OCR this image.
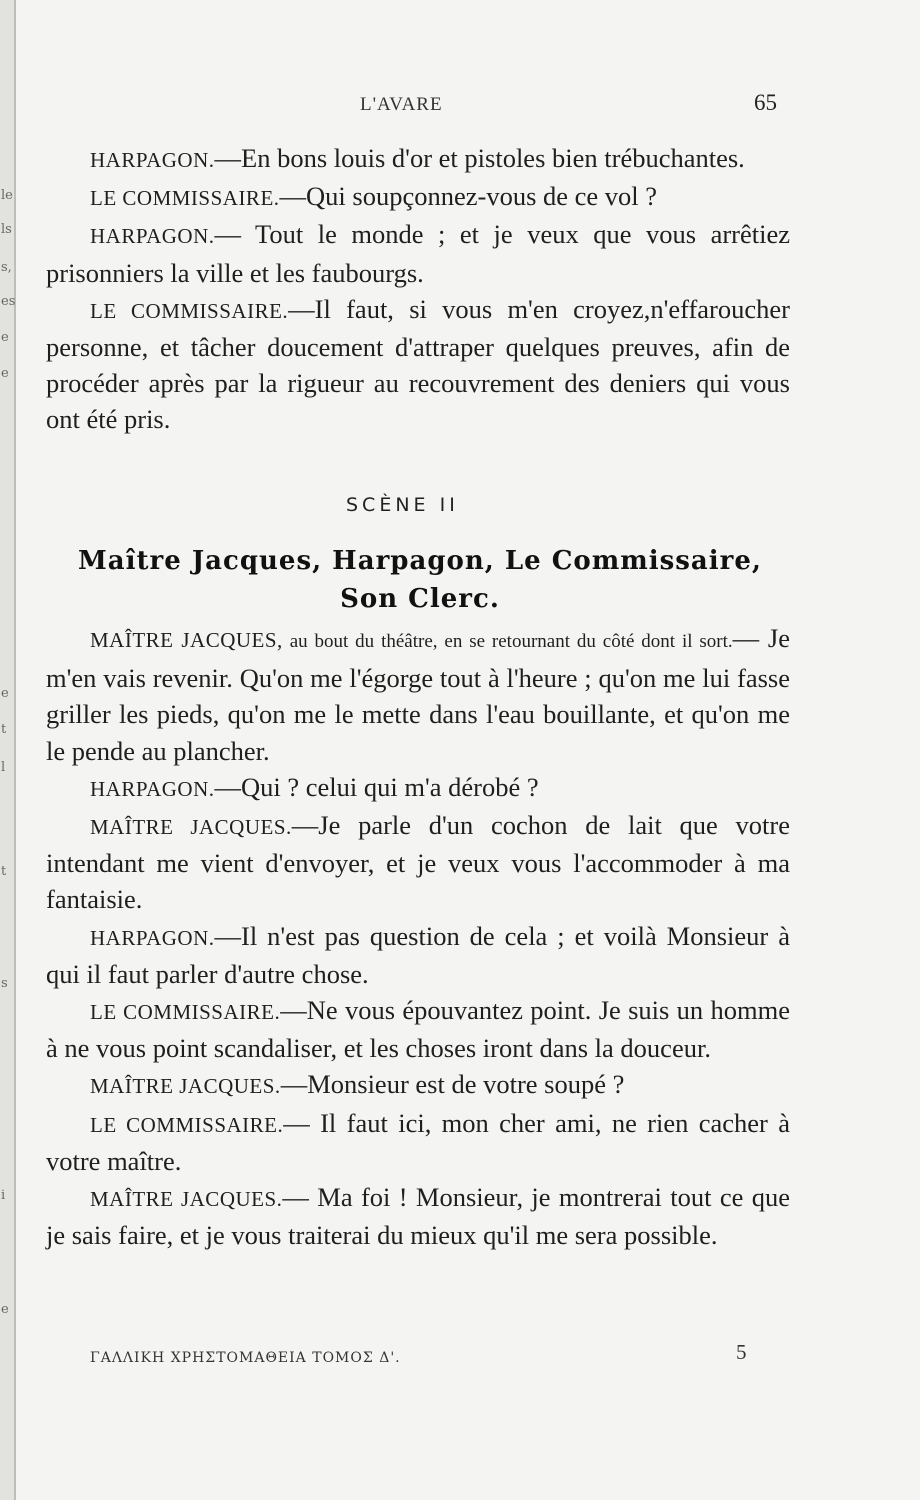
le
ls
s,
es
e
e
e
t
l
t
s
i
e
L'AVARE	65

HARPAGON.—En bons louis d'or et pistoles bien trébuchantes.

LE COMMISSAIRE.—Qui soupçonnez-vous de ce vol ?

HARPAGON.— Tout le monde ; et je veux que vous arrêtiez prisonniers la ville et les faubourgs.

LE COMMISSAIRE.—Il faut, si vous m'en croyez,n'effaroucher personne, et tâcher doucement d'attraper quelques preuves, afin de procéder après par la rigueur au recouvrement des deniers qui vous ont été pris.

SCÈNE II
Maître Jacques, Harpagon, Le Commissaire, Son Clerc.

MAÎTRE JACQUES, au bout du théâtre, en se retournant du côté dont il sort.— Je m'en vais revenir. Qu'on me l'égorge tout à l'heure ; qu'on me lui fasse griller les pieds, qu'on me le mette dans l'eau bouillante, et qu'on me le pende au plancher.

HARPAGON.—Qui ? celui qui m'a dérobé ?

MAÎTRE JACQUES.—Je parle d'un cochon de lait que votre intendant me vient d'envoyer, et je veux vous l'accommoder à ma fantaisie.

HARPAGON.—Il n'est pas question de cela ; et voilà Monsieur à qui il faut parler d'autre chose.

LE COMMISSAIRE.—Ne vous épouvantez point. Je suis un homme à ne vous point scandaliser, et les choses iront dans la douceur.

MAÎTRE JACQUES.—Monsieur est de votre soupé ?

LE COMMISSAIRE.— Il faut ici, mon cher ami, ne rien cacher à votre maître.

MAÎTRE JACQUES.— Ma foi ! Monsieur, je montrerai tout ce que je sais faire, et je vous traiterai du mieux qu'il me sera possible.

ΓΑΛΛΙΚΗ ΧΡΗΣΤΟΜΑΘΕΙΑ ΤΟΜΟΣ Δ'.	5
